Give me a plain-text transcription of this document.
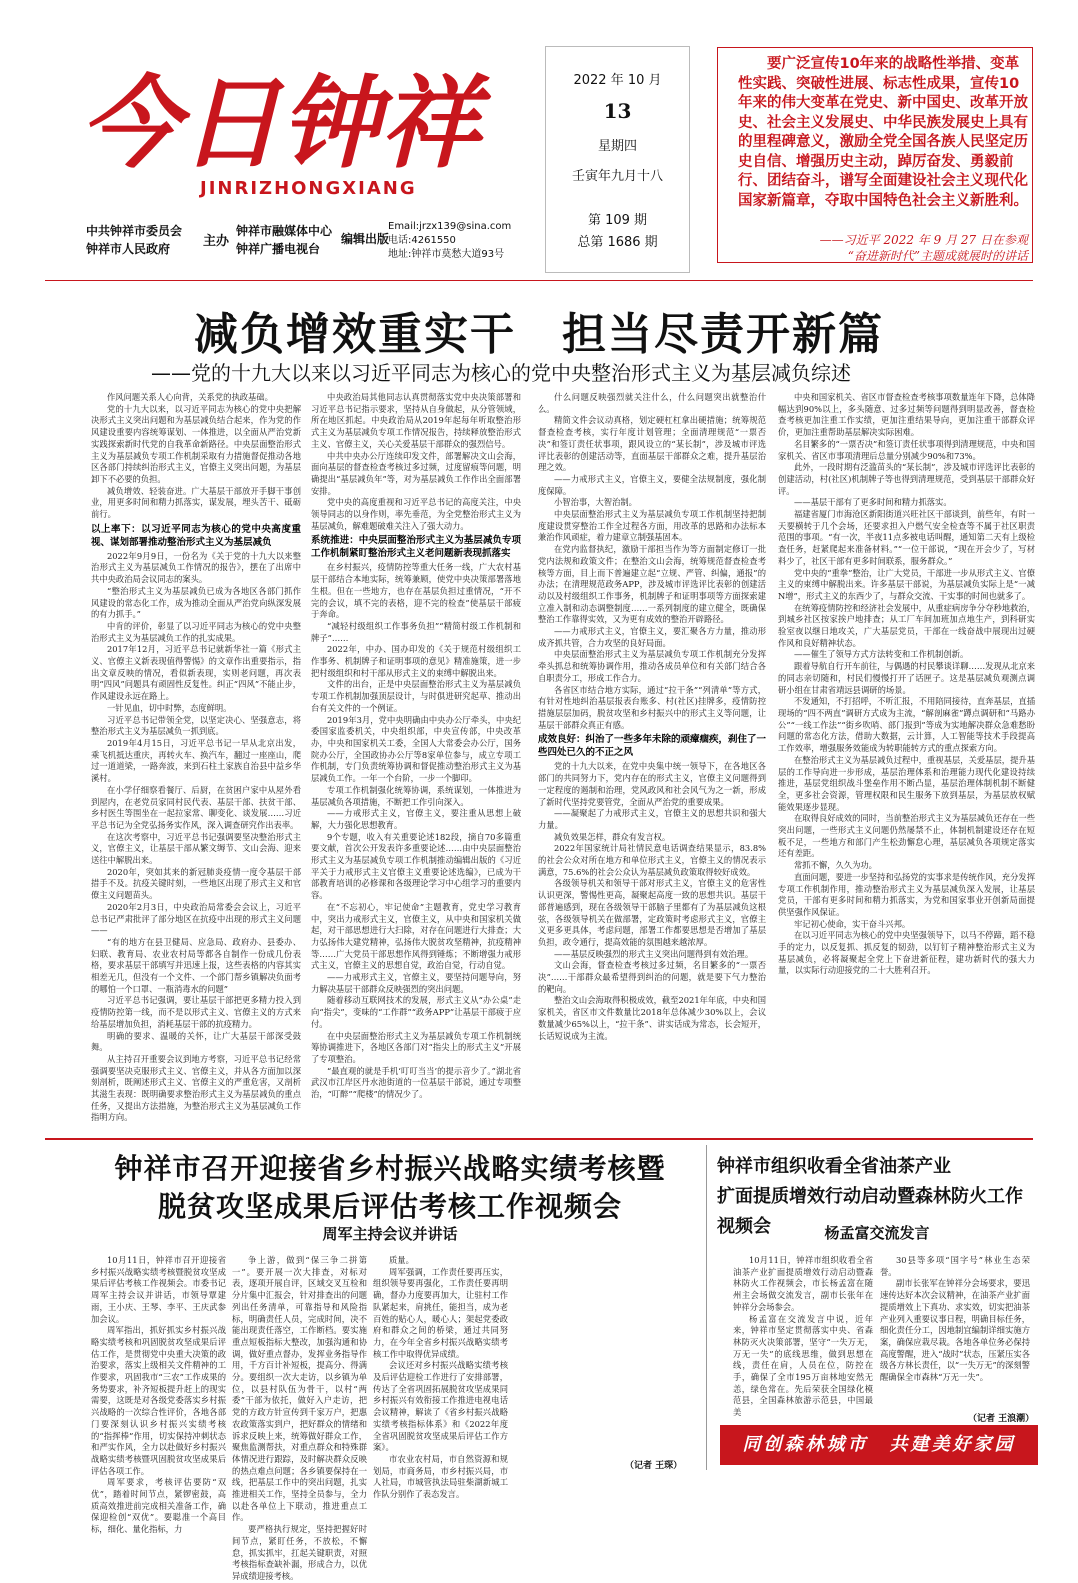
今日钟祥
JINRIZHONGXIANG
中共钟祥市委员会
钟祥市人民政府	主办
钟祥市融媒体中心
钟祥广播电视台
编辑出版
Email:jrzx139@sina.com
电话:4261550
地址:钟祥市莫愁大道93号
2022 年 10 月
13
星期四
壬寅年九月十八
第 109 期
总第 1686 期
要广泛宣传10年来的战略性举措、变革性实践、突破性进展、标志性成果，宣传10年来的伟大变革在党史、新中国史、改革开放史、社会主义发展史、中华民族发展史上具有的里程碑意义，激励全党全国各族人民坚定历史自信、增强历史主动，踔厉奋发、勇毅前行、团结奋斗，谱写全面建设社会主义现代化国家新篇章，夺取中国特色社会主义新胜利。
——习近平 2022 年 9 月 27 日在参观
“奋进新时代”主题成就展时的讲话
减负增效重实干　担当尽责开新篇
——党的十九大以来以习近平同志为核心的党中央整治形式主义为基层减负综述

作风问题关系人心向背，关系党的执政基础。

党的十九大以来，以习近平同志为核心的党中央把解决形式主义突出问题和为基层减负结合起来，作为党的作风建设重要内容统筹谋划、一体推进，以全面从严治党新实践探索新时代党的自我革命新路径。中央层面整治形式主义为基层减负专项工作机制采取有力措施督促推动各地区各部门持续纠治形式主义，官僚主义突出问题，为基层卸下不必要的负担。

减负增效、轻装奋进。广大基层干部放开手脚干事创业，用更多时间和精力抓落实，谋发展，埋头苦干、砥砺前行。

以上率下：以习近平同志为核心的党中央高度重视、谋划部署推动整治形式主义为基层减负

2022年9月9日，一份名为《关于党的十九大以来整治形式主义为基层减负工作情况的报告》，摆在了出席中共中央政治局会议同志的案头。

“整治形式主义为基层减负已成为各地区各部门抓作风建设的常态化工作，成为推动全面从严治党向纵深发展的有力抓手。”

中肯的评价，彰显了以习近平同志为核心的党中央整治形式主义为基层减负工作的扎实成果。

2017年12月，习近平总书记就新华社一篇《形式主义、官僚主义新表现值得警惕》的文章作出重要指示，指出文章反映的情况，看似新表现，实则老问题，再次表明“四风”问题具有顽固性反复性。纠正“四风”不能止步，作风建设永远在路上。

一针见血，切中时弊，态度鲜明。

习近平总书记带领全党，以坚定决心、坚强意志，将整治形式主义为基层减负一抓到底。

2019年4月15日，习近平总书记一早从北京出发，乘飞机抵达重庆，再转火车、换汽车，翻过一座座山，爬过一道道梁，一路奔波，来到石柱土家族自治县中益乡华溪村。

在小学仔细察看餐厅、后厨，在贫困户家中从屋外看到屋内，在老党员家同村民代表、基层干部、扶贫干部、乡村医生等围坐在一起拉家常、聊变化、谈发展……习近平总书记为全党弘扬务实作风，深入调查研究作出表率。

在这次考察中，习近平总书记强调要坚决整治形式主义，官僚主义，让基层干部从繁文缛节、文山会海、迎来送往中解脱出来。

2020年，突如其来的新冠肺炎疫情一度令基层干部措手不及。抗疫关键时刻，一些地区出现了形式主义和官僚主义问题苗头。

2020年2月3日，中央政治局常委会会议上，习近平总书记严肃批评了部分地区在抗疫中出现的形式主义问题——

“有的地方在县卫健局、应急局、政府办、县委办、妇联、教育局、农业农村局等都各自制作一份成几份表格，要求基层干部填写并迅速上报，这些表格的内容其实相差无几，但没有一个文件、一个部门帮乡镇解决负面考的哪怕一个口罩、一瓶消毒水的问题”

习近平总书记强调，要让基层干部把更多精力投入到疫情防控第一线，而不是以形式主义、官僚主义的方式来给基层增加负担，消耗基层干部的抗疫精力。

明确的要求、温暖的关怀，让广大基层干部深受鼓舞。

从主持召开重要会议到地方考察，习近平总书记经常强调要坚决克服形式主义、官僚主义，并从各方面加以深刻剖析，既阐述形式主义、官僚主义的严重危害，又剖析其滋生表现：既明确要求整治形式主义为基层减负的重点任务，又提出方法措施，为整治形式主义为基层减负工作指明方向。

中央政治局其他同志认真贯彻落实党中央决策部署和习近平总书记指示要求，坚持从自身做起，从分管领域，所在地区抓起。中央政治局从2019年起每年听取整治形式主义为基层减负专项工作情况报告，持续释放整治形式主义、官僚主义，关心关爱基层干部群众的强烈信号。

中共中央办公厅连续印发文件，部署解决文山会海，面向基层的督查检查考核过多过频，过度留痕等问题，明确提出“基层减负年”等，对为基层减负工作作出全面部署安排。

党中央的高度重视和习近平总书记的高度关注，中央领导同志的以身作则，率先垂范，为全党整治形式主义为基层减负，解难题破难关注入了强大动力。

系统推进：中央层面整治形式主义为基层减负专项工作机制紧盯整治形式主义老问题新表现抓落实

在乡村振兴，疫情防控等重大任务一线，广大农村基层干部结合本地实际，统筹兼顾，使党中央决策部署落地生根。但在一些地方，也存在基层负担过重情况，“开不完的会议，填不完的表格，迎不完的检查”使基层干部疲于奔命。

“减轻村级组织工作事务负担”“精简村级工作机制和牌子”……

2022年，中办、国办印发的《关于规范村级组织工作事务、机制牌子和证明事项的意见》精准施策，进一步把村级组织和村干部从形式主义的束缚中解脱出来。

文件的出台，正是中央层面整治形式主义为基层减负专项工作机制加强顶层设计，与时俱进研究起草、推动出台有关文件的一个例证。

2019年3月，党中央明确由中央办公厅牵头，中央纪委国家监委机关，中央组织部，中央宣传部，中央改革办，中央和国家机关工委，全国人大常委会办公厅，国务院办公厅，全国政协办公厅等8家单位参与，成立专项工作机制，专门负责统筹协调和督促推动整治形式主义为基层减负工作。一年一个台阶，一步一个脚印。

专项工作机制强化统筹协调，系统谋划，一体推进为基层减负各项措施，不断把工作引向深入。

——力戒形式主义，官僚主义，要注重从思想上破解，大力强化思想教育。

9个专题，收入有关重要论述182段，摘自70多篇重要文献，首次公开发表许多重要论述……由中央层面整治形式主义为基层减负专项工作机制推动编辑出版的《习近平关于力戒形式主义官僚主义重要论述选编》，已成为干部教育培训的必修课和各级理论学习中心组学习的重要内容。

在“不忘初心，牢记使命”主题教育，党史学习教育中，突出力戒形式主义，官僚主义，从中央和国家机关做起，对干部思想进行大扫除，对存在问题进行大排查；大力弘扬伟大建党精神，弘扬伟大脱贫攻坚精神，抗疫精神等……广大党员干部思想作风得到锤炼；不断增强力戒形式主义，官僚主义的思想自觉，政治自觉，行动自觉。

——力戒形式主义，官僚主义，要坚持问题导向，努力解决基层干部群众反映强烈的突出问题。

随着移动互联网技术的发展，形式主义从“办公桌”走向“指尖”，变味的“工作群”“政务APP”让基层干部疲于应付。

在中央层面整治形式主义为基层减负专项工作机制统筹协调推进下，各地区各部门对“指尖上的形式主义”开展了专项整治。

“最直观的就是手机‘叮叮当当’的提示音少了。”湖北省武汉市江岸区丹水池街道的一位基层干部说，通过专项整治，“叮醉”“爬楼”的情况少了。

什么问题反映强烈就关注什么，什么问题突出就整治什么。

精简文件会议动真格，划定硬杠杠拿出硬措施；统筹规范督查检查考核，实行年度计划管理；全面清理规范“一票否决”和签订责任状事项，跟风设立的“某长制”，涉及城市评选评比表彰的创建活动等，直面基层干部群众之难，提升基层治理之效。

——力戒形式主义，官僚主义，要健全法规制度，强化制度保障。

小智治事，大智治制。

中央层面整治形式主义为基层减负专项工作机制坚持把制度建设贯穿整治工作全过程各方面，用改革的思路和办法标本兼治作风顽症，着力建章立制强基固本。

在党内监督执纪，激励干部担当作为等方面制定修订一批党内法规和政策文件；在整治文山会海，统筹规范督查检查考核等方面，目上而下普遍建立起“立规、严管、纠偏，通报”的办法；在清理规范政务APP，涉及城市评选评比表彰的创建活动以及村级组织工作事务，机制牌子和证明事项等方面探索建立准入制和动态调整制度……一系列制度的建立健全，既确保整治工作靠得实效，又为更有成效的整治开辟路径。

——力戒形式主义，官僚主义，要汇聚各方力量，推动形成齐抓共管，合力攻坚的良好局面。

中央层面整治形式主义为基层减负专项工作机制充分发挥牵头抓总和统筹协调作用，推动各成员单位和有关部门结合各自职责分工，形成工作合力。

各省区市结合地方实际，通过“拉干条”“列清单”等方式，有针对性地纠治基层报表台账多、村(社区)挂牌多，疫情防控措施层层加码，脱贫攻坚和乡村振兴中的形式主义等问题，让基层干部群众真正有感。

成效良好：纠治了一些多年未除的顽瘴痼疾，刹住了一些四处已久的不正之风

党的十九大以来，在党中央集中统一领导下，在各地区各部门的共同努力下，党内存在的形式主义，官僚主义问题得到一定程度的遏制和治理，党风政风和社会风气为之一新，形成了新时代坚持党要管党，全面从严治党的重要成果。

——凝聚起了力戒形式主义，官僚主义的思想共识和强大力量。

减负效果怎样，群众有发言权。

2022年国家统计局社情民意电话调查结果显示，83.8%的社会公众对所在地方和单位形式主义，官僚主义的情况表示满意，75.6%的社会公众认为基层减负政策取得较好成效。

各级领导机关和领导干部对形式主义，官僚主义的危害性认识更深，警惕性更高，凝聚起高度一致的思想共识。基层干部普遍感到，现在各级领导干部脑子里都有了为基层减负这根弦，各级领导机关在做部署，定政策时考虑形式主义，官僚主义更多更具体，考虑问题，部署工作都要思想是否增加了基层负担，政令通行，提高效能的氛围越来越浓厚。

——基层反映强烈的形式主义突出问题得到有效治理。

文山会海，督查检查考核过多过频，名目繁多的“一票否决”……干部群众最希望得到纠治的问题，就是要下气力整治的靶向。

整治文山会海取得积极成效，截至2021年年底，中央和国家机关，省区市文件数量比2018年总体减少30%以上，会议数量减少65%以上，“拉干条”、讲实话成为常态，长会短开，长话短说成为主流。

中央和国家机关、省区市督查检查考核事项数量连年下降，总体降幅达到90%以上，多头随意、过多过频等问题得到明显改善，督查检查考核更加注重工作实绩，更加注重结果导向，更加注重干部群众评价，更加注重帮助基层解决实际困难。

名目繁多的“一票否决”和签订责任状事项得到清理规范，中央和国家机关、省区市事项清理后总量分别减少90%和73%。

此外，一段时期有泛滥苗头的“某长制”，涉及城市评选评比表彰的创建活动，村(社区)机制牌子等也得到清理规范，受到基层干部群众好评。

——基层干部有了更多时间和精力抓落实。

福建省厦门市海沧区新阳街道兴旺社区干部谈到，前些年，有时一天要横转于几个会场，还要求担入户燃气安全检查等不属于社区职责范围的事项。“有一次，半夜11点多被电话叫醒，通知第二天有上级检查任务，赶紧爬起来准备材料。”“一位干部说，“现在开会少了，写材料少了，社区干部有更多时间联系，服务群众。”

党中央的“重拳”整治，让广大党员，干部进一步从形式主义、官僚主义的束缚中解脱出来。许多基层干部说，为基层减负实际上是“一减N增”，形式主义的东西少了，与群众交流、干实事的时间也就多了。

在统筹疫情防控和经济社会发展中，从重症病房争分夺秒地救治，到城乡社区按家挨户地排查；从工厂车间加班加点地生产，到科研实验室夜以继日地攻关，广大基层党员，干部在一线奋战中展现出过硬作风和良好精神状态。

——催生了领导方式方法转变和工作机制创新。

跟着导航自行开车前往，与偶遇的村民攀谈详聊……发现从北京来的同志亲切随和，村民们慢慢打开了话匣子。这是基层减负观测点调研小组在甘肃省靖远县调研的场景。

不发通知，不打招呼，不听汇报，不用陪同接待，直奔基层，直插现场的“四不两直”调研方式成为主流，“解剖麻雀”蹲点调研和“马路办公”“一线工作法”“街乡吹哨、部门报到”等成为实地解决群众急难愁盼问题的常态化方法，借助大数据，云计算，人工智能等技术手段提高工作效率，增强服务效能成为转职能转方式的重点探索方向。

在整治形式主义为基层减负过程中，重视基层，关爱基层，提升基层的工作导向进一步形成，基层治理体系和治理能力现代化建设持续推进，基层党组织战斗堡垒作用不断凸显，基层治理体制机制不断健全，更多社会资源，管理权限和民生服务下放到基层，为基层放权赋能效果逐步显现。

在取得良好成效的同时，当前整治形式主义为基层减负还存在一些突出问题，一些形式主义问题仍然屡禁不止，体制机制建设还存在短板不足，一些地方和部门产生松劲懈怠心理，基层减负各项规定落实还有差距。

常抓不懈，久久为功。

直面问题，要进一步坚持和弘扬党的实事求是传统作风，充分发挥专项工作机制作用，推动整治形式主义为基层减负深入发展，让基层党员，干部有更多时间和精力抓落实，为党和国家事业开创新局面提供坚强作风保证。

牢记初心使命，实干奋斗兴邦。

在以习近平同志为核心的党中央坚强领导下，以马不停蹄，蹈不稳手的定力，以反复抓、抓反复的韧劲，以钉钉子精神整治形式主义为基层减负，必将凝聚起全党上下奋进新征程，建功新时代的强大力量，以实际行动迎接党的二十大胜利召开。

钟祥市召开迎接省乡村振兴战略实绩考核暨
脱贫攻坚成果后评估考核工作视频会
周军主持会议并讲话

10月11日，钟祥市召开迎接省乡村振兴战略实绩考核暨脱贫攻坚成果后评估考核工作视频会。市委书记周军主持会议并讲话，市领导覃建雨，王小庆、王琴、李平、王庆武参加会议。

周军指出，抓好抓实乡村振兴战略实绩考核和巩固脱贫攻坚成果后评估工作，是贯彻党中央重大决策的政治要求，落实上级相关文件精神的工作要求，巩固我市“三农”工作成果的务势要求，补齐短板提升赶上的现实需要，这既是对各级党委落实乡村振兴战略的一次综合性评价，各地各部门要深刻认识乡村振兴实绩考核的“指挥棒”作用，切实保持冲刺状态和严实作风，全力以赴做好乡村振兴战略实绩考核暨巩固脱贫攻坚成果后评估各项工作。

周军要求，考核评估要防“双优”，踏着时间节点，紧锣密鼓，高质高效推进前完成相关准备工作，确保迎检创“双优”。要聪准一个高目标，细化、量化指标，力

争上游，做到“保三争二拼第一”。要开展一次大排查，对标对表，逐项开展自评，区域交叉互检和分片集中汇报会，针对排查出的问题列出任务清单，可靠指导和风险指标，明确责任人员，完成时间，决不能出现责任落空，工作断档。要实施重点短板指标大整改，加强沟通和协调，做好重点督办，发挥业务指导作用，千方百计补短板，提高分、得满分。要组织一次大走访，以乡镇为单位，以县村队伍为骨干，以村“两委”干部为依托，做好入户走访，把党的方政方针宣传到千家万户，把惠农政策落实到户，把好群众的情绪和诉求反映上来，统筹做好群众工作，聚焦监测帮扶，对重点群众和特殊群体情况进行跟踪，及时解决群众反映的热点难点问题；各乡镇要保持在一线，把基层工作中的突出问题，扎实推进相关工作，坚持全员参与，全力以赴各单位上下联动，推进重点工作。

要严格执行规定，坚持把握好时间节点，紧盯任务，不放松，不懈怠，抓实抓牢，扛起关键职责，对照考核指标查缺补漏，形成合力，以优异成绩迎接考核。

质量。

周军强调，工作责任要再压实，组织领导要再强化，工作责任要再明确，督办力度要再加大，让驻村工作队紧起来，肩挑任，能担当，成为老百姓的贴心人，暖心人；架起党委政府和群众之间的桥梁，通过共同努力，在今年全省乡村振兴战略实绩考核工作中取得优异成绩。

会议还对乡村振兴战略实绩考核及后评估迎检工作进行了安排部署，传达了全省巩固拓展脱贫攻坚成果同乡村振兴有效衔接工作推进电视电话会议精神，解读了《省乡村振兴战略实绩考核指标体系》和《2022年度全省巩固脱贫攻坚成果后评估工作方案》。

市农业农村局，市自然资源和规划局，市商务局，市乡村振兴局，市人社局，市城管执法局驻柴湖新城工作队分别作了表态发言。

（记者 王琛）
钟祥市组织收看全省油茶产业
扩面提质增效行动启动暨森林防火工作视频会	杨孟富交流发言

10月11日，钟祥市组织收看全省油茶产业扩面提质增效行动启动暨森林防火工作视频会，市长杨孟富在随州主会场做交流发言，副市长张年在钟祥分会场参会。

杨孟富在交流发言中说，近年来，钟祥市坚定贯彻落实中央、省森林防灭火决策部署，坚守“一失万无，万无一失”的底线思维，做到思想在线，责任在肩，人员在位，防控在手，确保了全市195万亩林地安然无恙，绿色常在。先后荣获全国绿化模范县，全国森林旅游示范县，中国最美

30县等多项“国字号”林业生态荣誉。

副市长张军在钟祥分会场要求，要迅速传达好本次会议精神，在油茶产业扩面提质增效上下真功、求实效，切实把油茶产业列入重要议事日程，明确目标任务，细化责任分工，因地制宜编制详细实施方案，确保应栽尽栽。各地各单位务必保持高度警醒，进入“战时”状态，压紧压实各级各方林长责任，以“一失万无”的深刻警醒确保全市森林“万无一失”。

（记者 王浪潮）
同创森林城市　共建美好家园
